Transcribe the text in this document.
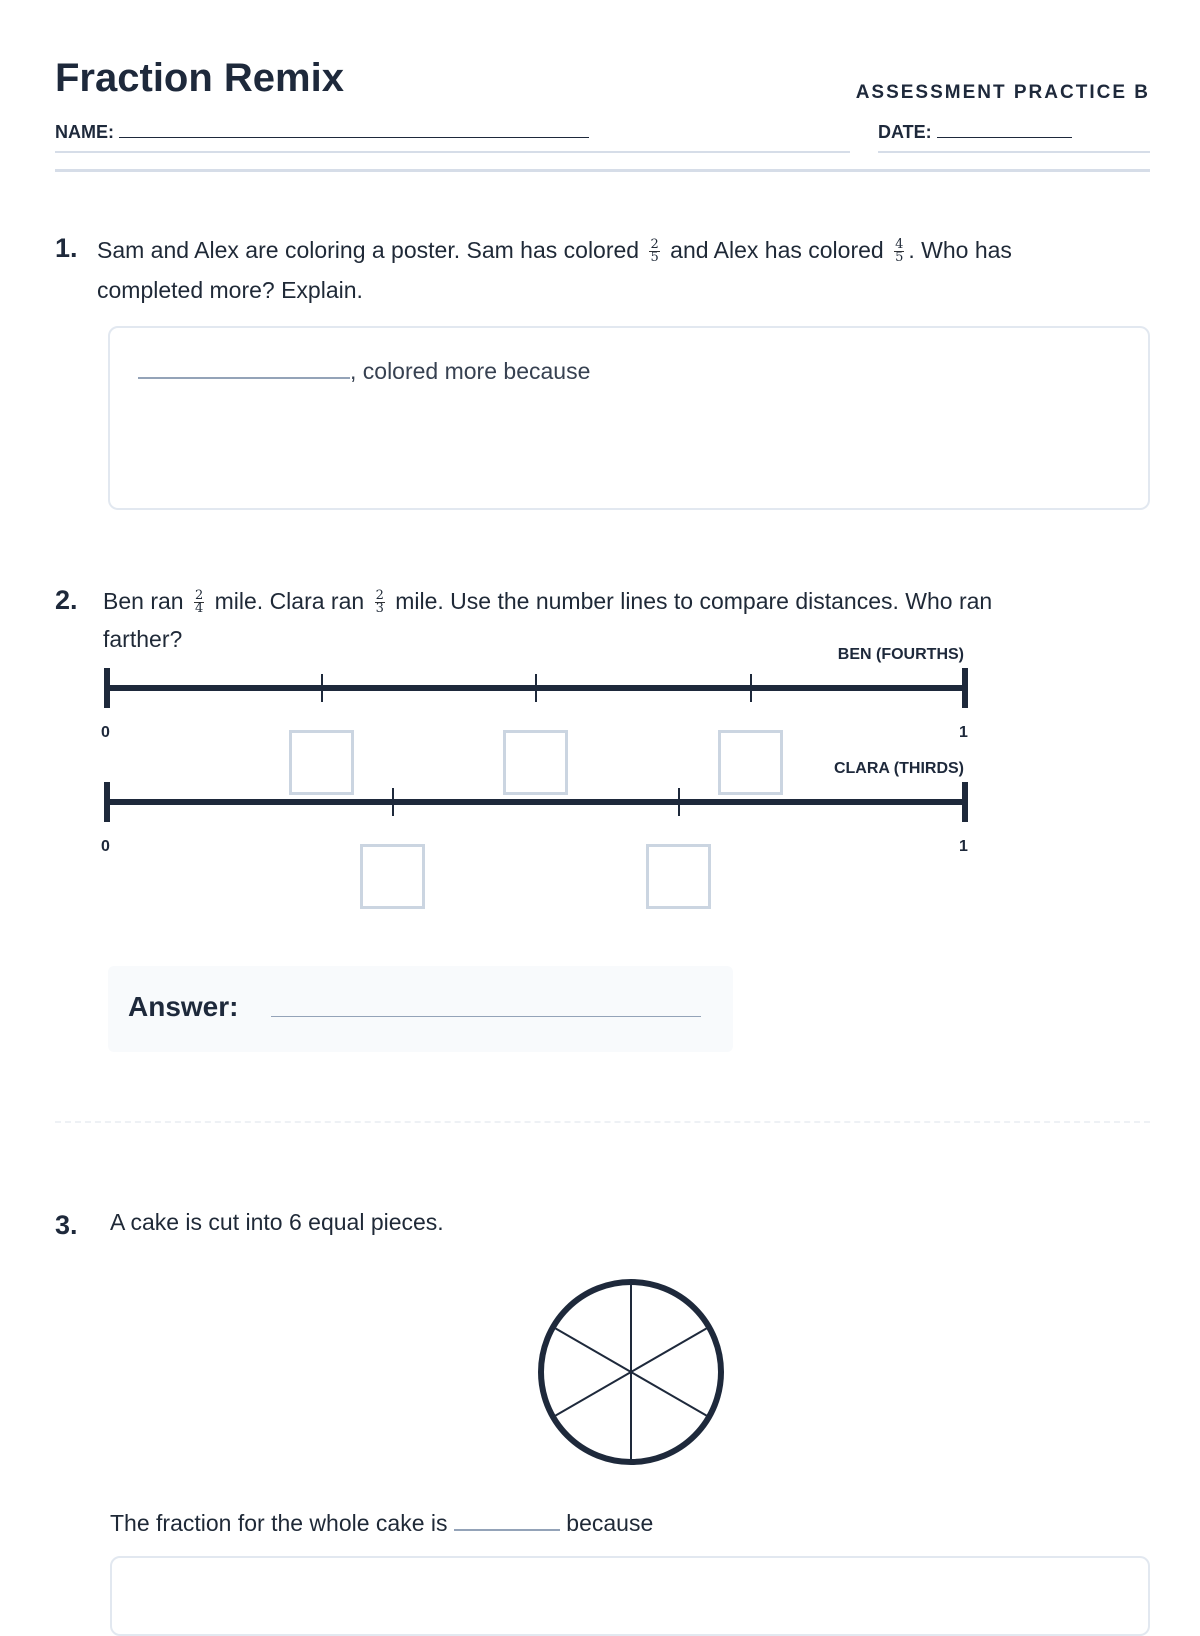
Fraction Remix	ASSESSMENT PRACTICE B
NAME:	DATE:
1. Sam and Alex are coloring a poster. Sam has colored $\frac{2}{5}$ and Alex has colored $\frac{4}{5}$ . Who has
completed more? Explain.
, colored more because
2. Ben ran $\frac{2}{4}$ mile. Clara ran $\frac{2}{3}$ mile. Use the number lines to compare distances. Who ran
farther?
BEN (FOURTHS)
CLARA (THIRDS)
0	1
0	1
Answer:
3. A cake is cut into 6 equal pieces.
The fraction for the whole cake is	because
